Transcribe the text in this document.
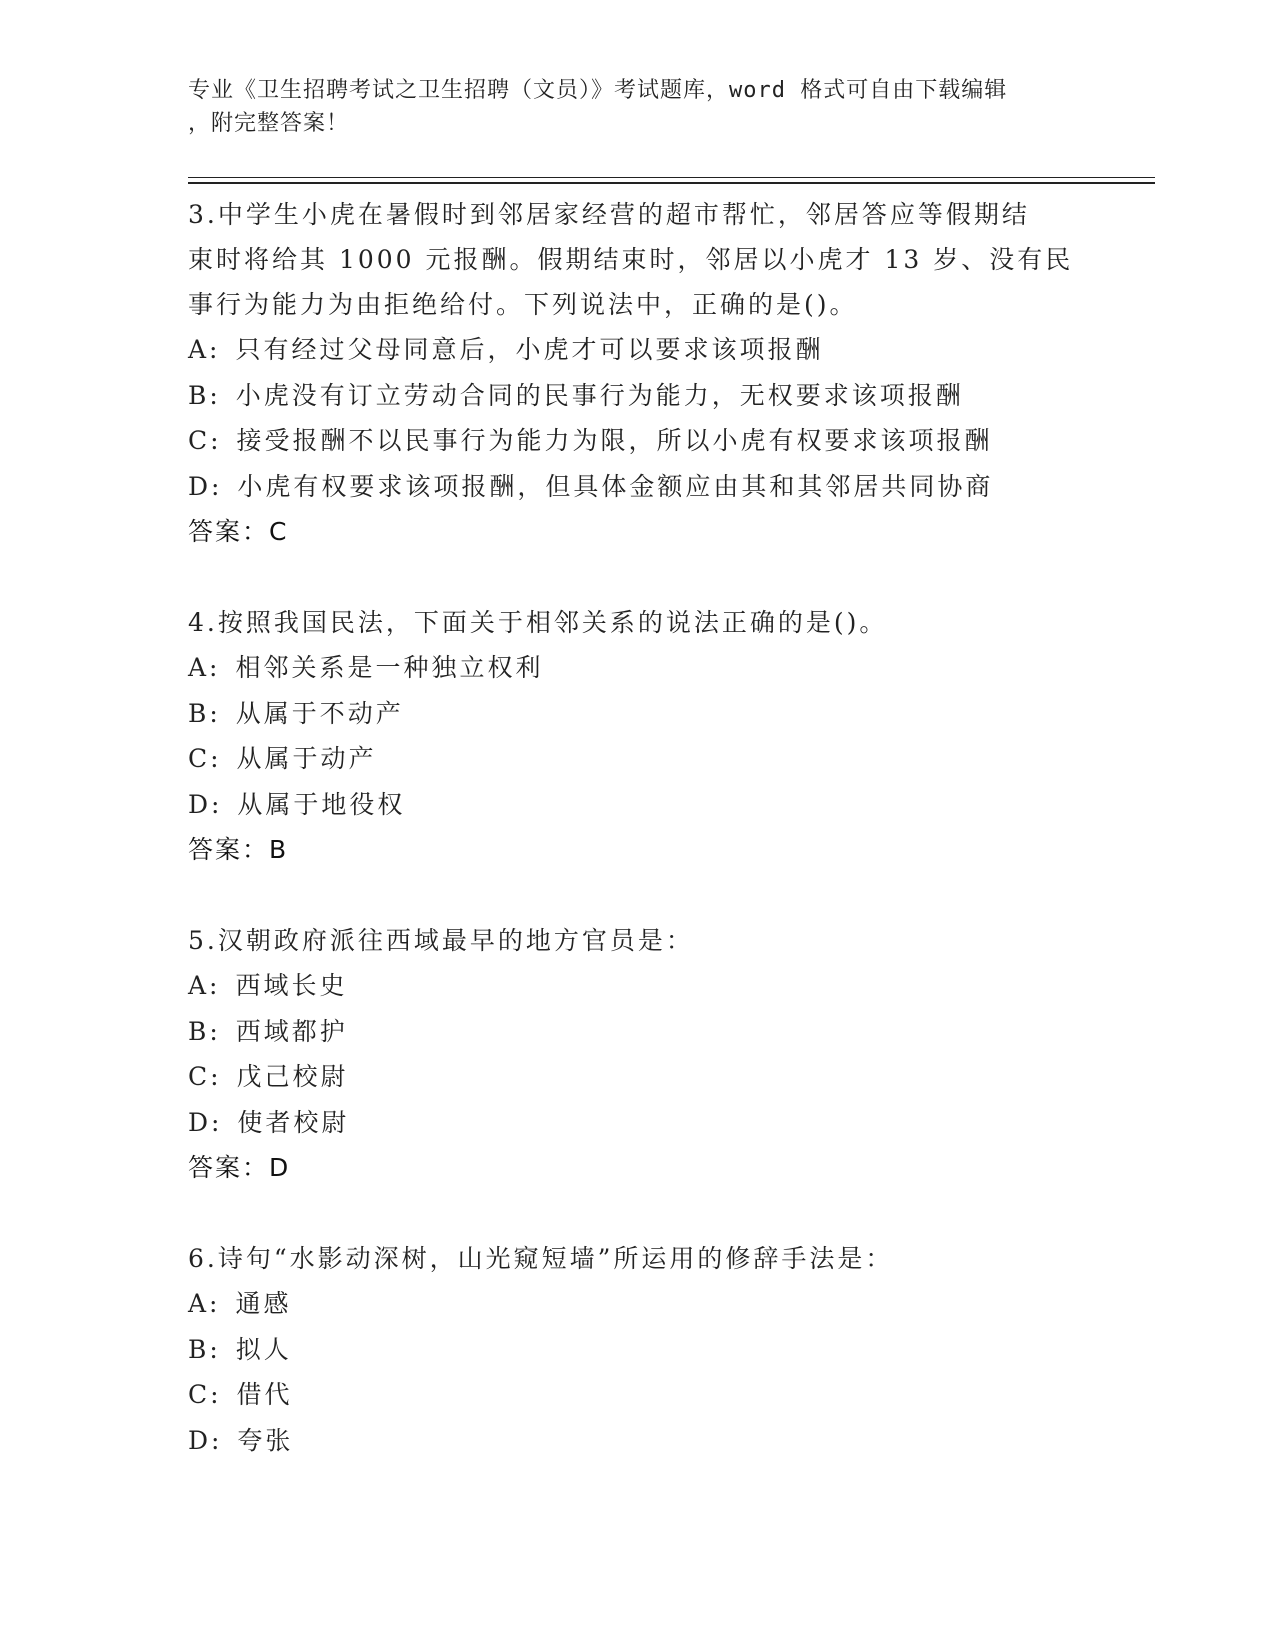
专业《卫生招聘考试之卫生招聘（文员）》考试题库，word 格式可自由下载编辑
，附完整答案！
3.中学生小虎在暑假时到邻居家经营的超市帮忙，邻居答应等假期结
束时将给其 1000 元报酬。假期结束时，邻居以小虎才 13 岁、没有民
事行为能力为由拒绝给付。下列说法中，正确的是()。
A: 只有经过父母同意后，小虎才可以要求该项报酬
B: 小虎没有订立劳动合同的民事行为能力，无权要求该项报酬
C: 接受报酬不以民事行为能力为限，所以小虎有权要求该项报酬
D: 小虎有权要求该项报酬，但具体金额应由其和其邻居共同协商
答案：C
4.按照我国民法，下面关于相邻关系的说法正确的是()。
A: 相邻关系是一种独立权利
B: 从属于不动产
C: 从属于动产
D: 从属于地役权
答案：B
5.汉朝政府派往西域最早的地方官员是：
A: 西域长史
B: 西域都护
C: 戊己校尉
D: 使者校尉
答案：D
6.诗句“水影动深树，山光窥短墙”所运用的修辞手法是：
A: 通感
B: 拟人
C: 借代
D: 夸张
